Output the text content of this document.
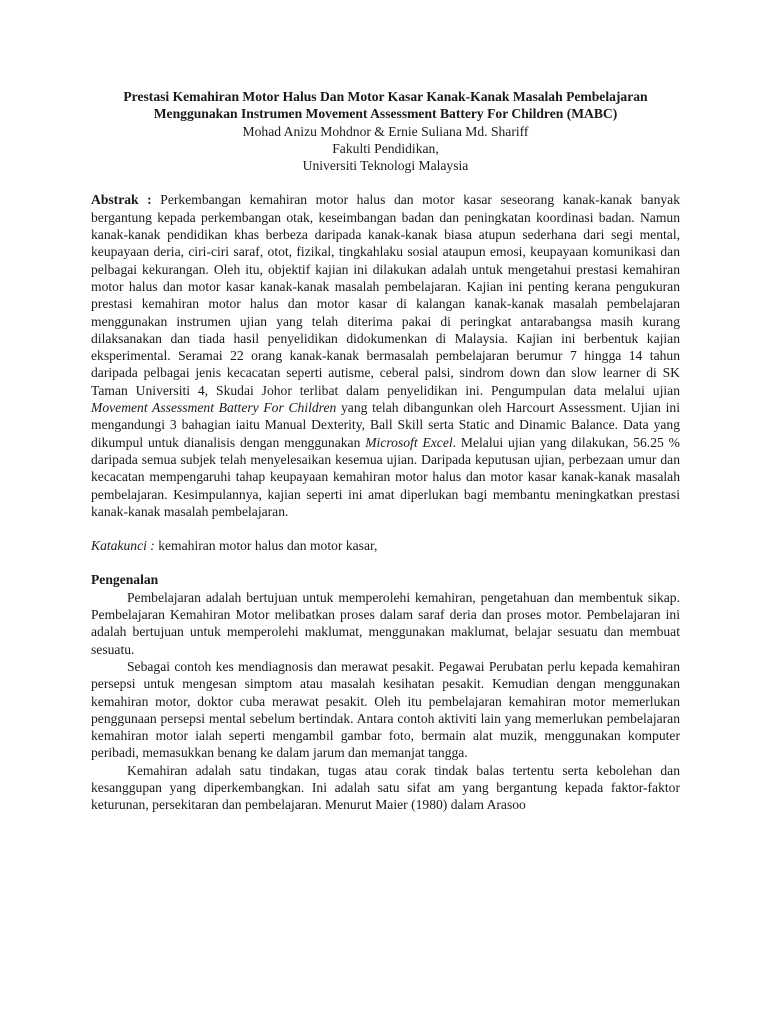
Prestasi Kemahiran Motor Halus Dan Motor Kasar Kanak-Kanak Masalah Pembelajaran
Menggunakan Instrumen Movement Assessment Battery For Children (MABC)
Mohad Anizu Mohdnor & Ernie Suliana Md. Shariff
Fakulti Pendidikan,
Universiti Teknologi Malaysia
Abstrak : Perkembangan kemahiran motor halus dan motor kasar seseorang kanak-kanak banyak bergantung kepada perkembangan otak, keseimbangan badan dan peningkatan koordinasi badan. Namun kanak-kanak pendidikan khas berbeza daripada kanak-kanak biasa atupun sederhana dari segi mental, keupayaan deria, ciri-ciri saraf, otot, fizikal, tingkahlaku sosial ataupun emosi, keupayaan komunikasi dan pelbagai kekurangan. Oleh itu, objektif kajian ini dilakukan adalah untuk mengetahui prestasi kemahiran motor halus dan motor kasar kanak-kanak masalah pembelajaran. Kajian ini penting kerana pengukuran prestasi kemahiran motor halus dan motor kasar di kalangan kanak-kanak masalah pembelajaran menggunakan instrumen ujian yang telah diterima pakai di peringkat antarabangsa masih kurang dilaksanakan dan tiada hasil penyelidikan didokumenkan di Malaysia. Kajian ini berbentuk kajian eksperimental. Seramai 22 orang kanak-kanak bermasalah pembelajaran berumur 7 hingga 14 tahun daripada pelbagai jenis kecacatan seperti autisme, ceberal palsi, sindrom down dan slow learner di SK Taman Universiti 4, Skudai Johor terlibat dalam penyelidikan ini. Pengumpulan data melalui ujian Movement Assessment Battery For Children yang telah dibangunkan oleh Harcourt Assessment. Ujian ini mengandungi 3 bahagian iaitu Manual Dexterity, Ball Skill serta Static and Dinamic Balance. Data yang dikumpul untuk dianalisis dengan menggunakan Microsoft Excel. Melalui ujian yang dilakukan, 56.25 % daripada semua subjek telah menyelesaikan kesemua ujian. Daripada keputusan ujian, perbezaan umur dan kecacatan mempengaruhi tahap keupayaan kemahiran motor halus dan motor kasar kanak-kanak masalah pembelajaran. Kesimpulannya, kajian seperti ini amat diperlukan bagi membantu meningkatkan prestasi kanak-kanak masalah pembelajaran.
Katakunci : kemahiran motor halus dan motor kasar,
Pengenalan
Pembelajaran adalah bertujuan untuk memperolehi kemahiran, pengetahuan dan membentuk sikap. Pembelajaran Kemahiran Motor melibatkan proses dalam saraf deria dan proses motor. Pembelajaran ini adalah bertujuan untuk memperolehi maklumat, menggunakan maklumat, belajar sesuatu dan membuat sesuatu.
Sebagai contoh kes mendiagnosis dan merawat pesakit. Pegawai Perubatan perlu kepada kemahiran persepsi untuk mengesan simptom atau masalah kesihatan pesakit. Kemudian dengan menggunakan kemahiran motor, doktor cuba merawat pesakit. Oleh itu pembelajaran kemahiran motor memerlukan penggunaan persepsi mental sebelum bertindak. Antara contoh aktiviti lain yang memerlukan pembelajaran kemahiran motor ialah seperti mengambil gambar foto, bermain alat muzik, menggunakan komputer peribadi, memasukkan benang ke dalam jarum dan memanjat tangga.
Kemahiran adalah satu tindakan, tugas atau corak tindak balas tertentu serta kebolehan dan kesanggupan yang diperkembangkan. Ini adalah satu sifat am yang bergantung kepada faktor-faktor keturunan, persekitaran dan pembelajaran. Menurut Maier (1980) dalam Arasoo
